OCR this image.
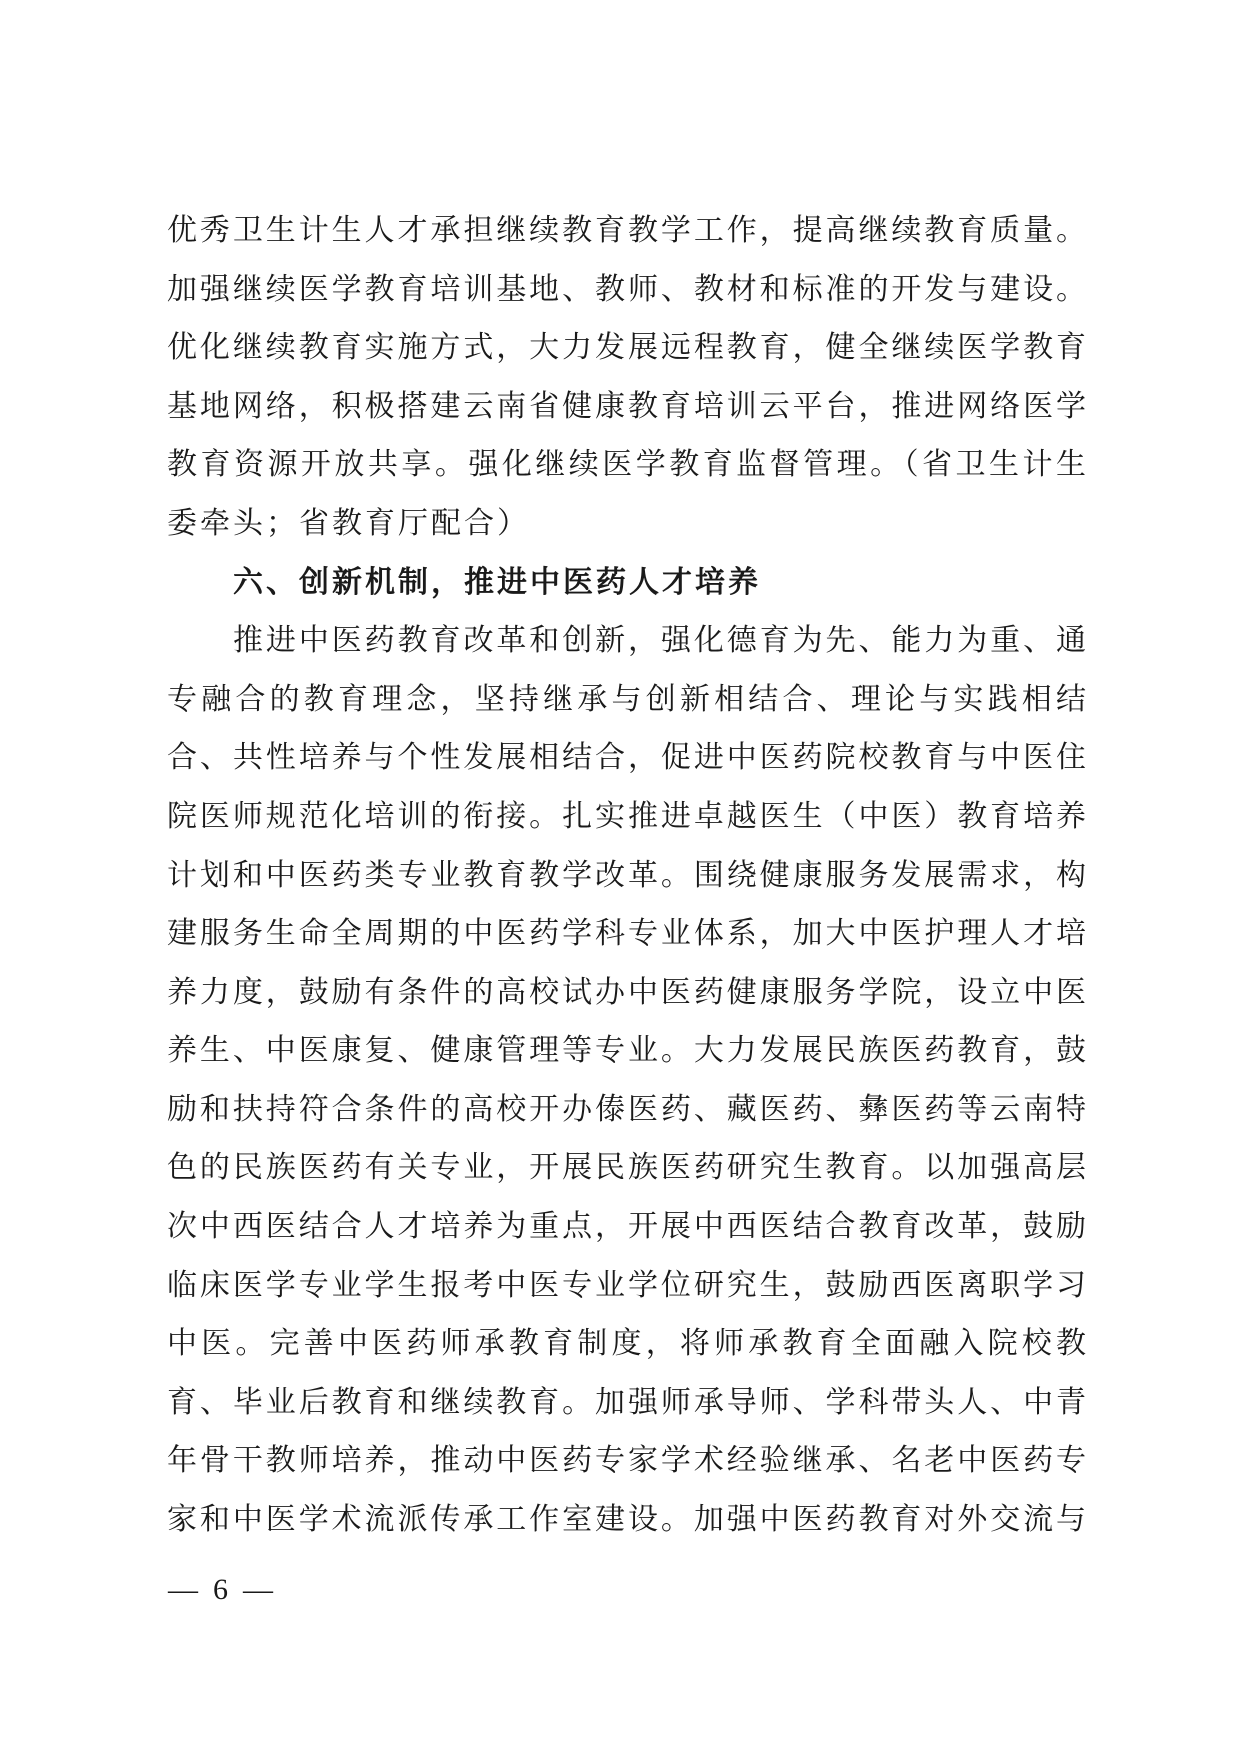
优秀卫生计生人才承担继续教育教学工作，提高继续教育质量。
加强继续医学教育培训基地、教师、教材和标准的开发与建设。
优化继续教育实施方式，大力发展远程教育，健全继续医学教育
基地网络，积极搭建云南省健康教育培训云平台，推进网络医学
教育资源开放共享。强化继续医学教育监督管理。（省卫生计生
委牵头；省教育厅配合）
六、创新机制，推进中医药人才培养
推进中医药教育改革和创新，强化德育为先、能力为重、通
专融合的教育理念，坚持继承与创新相结合、理论与实践相结
合、共性培养与个性发展相结合，促进中医药院校教育与中医住
院医师规范化培训的衔接。扎实推进卓越医生（中医）教育培养
计划和中医药类专业教育教学改革。围绕健康服务发展需求，构
建服务生命全周期的中医药学科专业体系，加大中医护理人才培
养力度，鼓励有条件的高校试办中医药健康服务学院，设立中医
养生、中医康复、健康管理等专业。大力发展民族医药教育，鼓
励和扶持符合条件的高校开办傣医药、藏医药、彝医药等云南特
色的民族医药有关专业，开展民族医药研究生教育。以加强高层
次中西医结合人才培养为重点，开展中西医结合教育改革，鼓励
临床医学专业学生报考中医专业学位研究生，鼓励西医离职学习
中医。完善中医药师承教育制度，将师承教育全面融入院校教
育、毕业后教育和继续教育。加强师承导师、学科带头人、中青
年骨干教师培养，推动中医药专家学术经验继承、名老中医药专
家和中医学术流派传承工作室建设。加强中医药教育对外交流与
—  6  —
